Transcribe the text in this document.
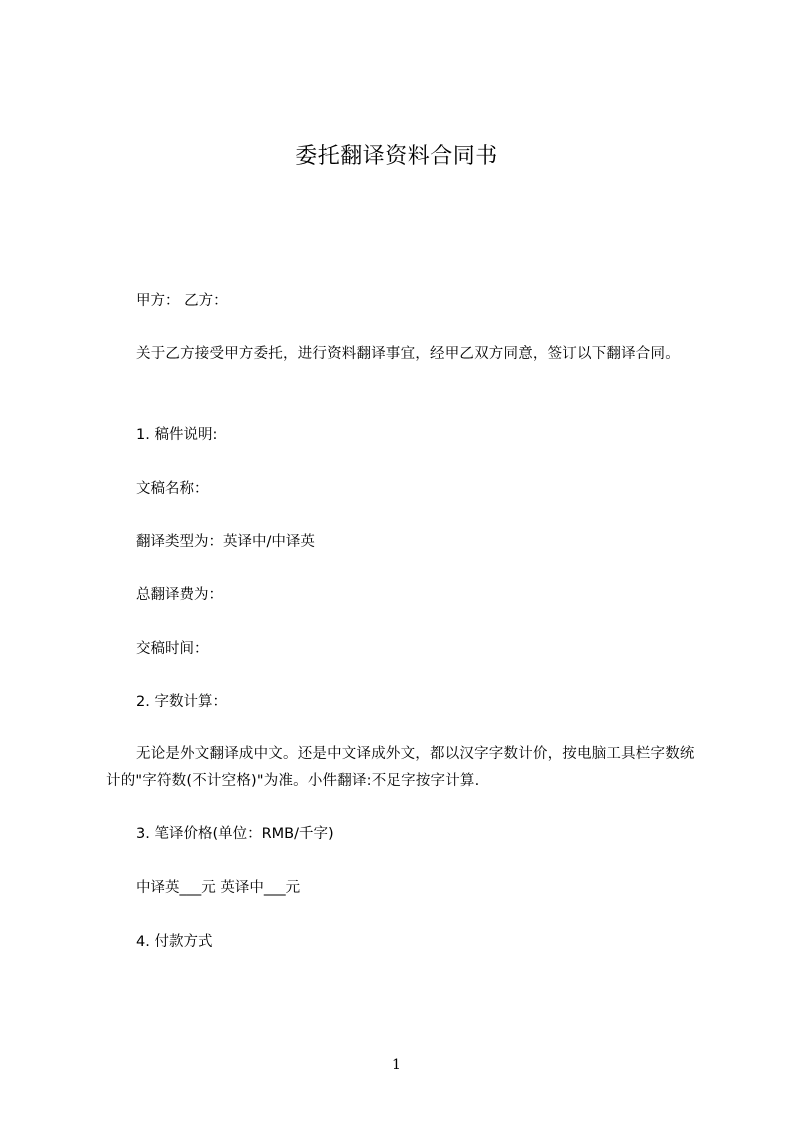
委托翻译资料合同书
甲方： 乙方：
关于乙方接受甲方委托，进行资料翻译事宜，经甲乙双方同意，签订以下翻译合同。
1. 稿件说明:
文稿名称：
翻译类型为：英译中/中译英
总翻译费为：
交稿时间：
2. 字数计算：
无论是外文翻译成中文。还是中文译成外文，都以汉字字数计价，按电脑工具栏字数统计的"字符数(不计空格)"为准。小件翻译:不足字按字计算.
3. 笔译价格(单位：RMB/千字)
中译英___元 英译中___元
4. 付款方式
1
